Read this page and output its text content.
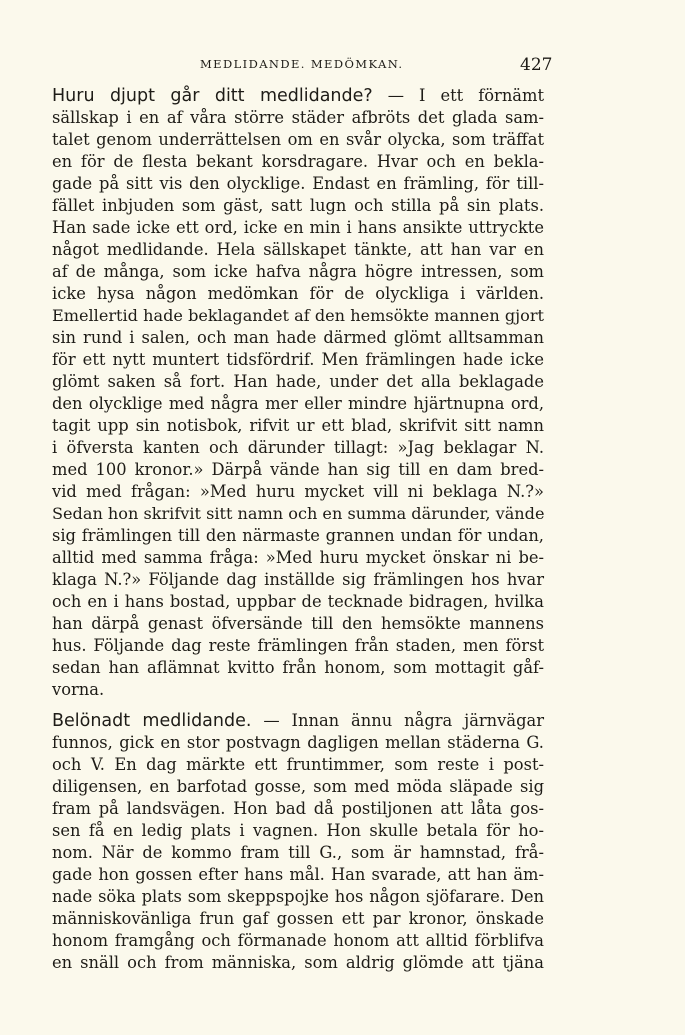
MEDLIDANDE. MEDÖMKAN.	427
Huru djupt går ditt medlidande? — I ett förnämt
sällskap i en af våra större städer afbröts det glada sam-
talet genom underrättelsen om en svår olycka, som träffat
en för de flesta bekant korsdragare. Hvar och en bekla-
gade på sitt vis den olycklige. Endast en främling, för till-
fället inbjuden som gäst, satt lugn och stilla på sin plats.
Han sade icke ett ord, icke en min i hans ansikte uttryckte
något medlidande. Hela sällskapet tänkte, att han var en
af de många, som icke hafva några högre intressen, som
icke hysa någon medömkan för de olyckliga i världen.
Emellertid hade beklagandet af den hemsökte mannen gjort
sin rund i salen, och man hade därmed glömt alltsamman
för ett nytt muntert tidsfördrif. Men främlingen hade icke
glömt saken så fort. Han hade, under det alla beklagade
den olycklige med några mer eller mindre hjärtnupna ord,
tagit upp sin notisbok, rifvit ur ett blad, skrifvit sitt namn
i öfversta kanten och därunder tillagt: »Jag beklagar N.
med 100 kronor.» Därpå vände han sig till en dam bred-
vid med frågan: »Med huru mycket vill ni beklaga N.?»
Sedan hon skrifvit sitt namn och en summa därunder, vände
sig främlingen till den närmaste grannen undan för undan,
alltid med samma fråga: »Med huru mycket önskar ni be-
klaga N.?» Följande dag inställde sig främlingen hos hvar
och en i hans bostad, uppbar de tecknade bidragen, hvilka
han därpå genast öfversände till den hemsökte mannens
hus. Följande dag reste främlingen från staden, men först
sedan han aflämnat kvitto från honom, som mottagit gåf-
vorna.
Belönadt medlidande. — Innan ännu några järnvägar
funnos, gick en stor postvagn dagligen mellan städerna G.
och V. En dag märkte ett fruntimmer, som reste i post-
diligensen, en barfotad gosse, som med möda släpade sig
fram på landsvägen. Hon bad då postiljonen att låta gos-
sen få en ledig plats i vagnen. Hon skulle betala för ho-
nom. När de kommo fram till G., som är hamnstad, frå-
gade hon gossen efter hans mål. Han svarade, att han äm-
nade söka plats som skeppspojke hos någon sjöfarare. Den
människovänliga frun gaf gossen ett par kronor, önskade
honom framgång och förmanade honom att alltid förblifva
en snäll och from människa, som aldrig glömde att tjäna
